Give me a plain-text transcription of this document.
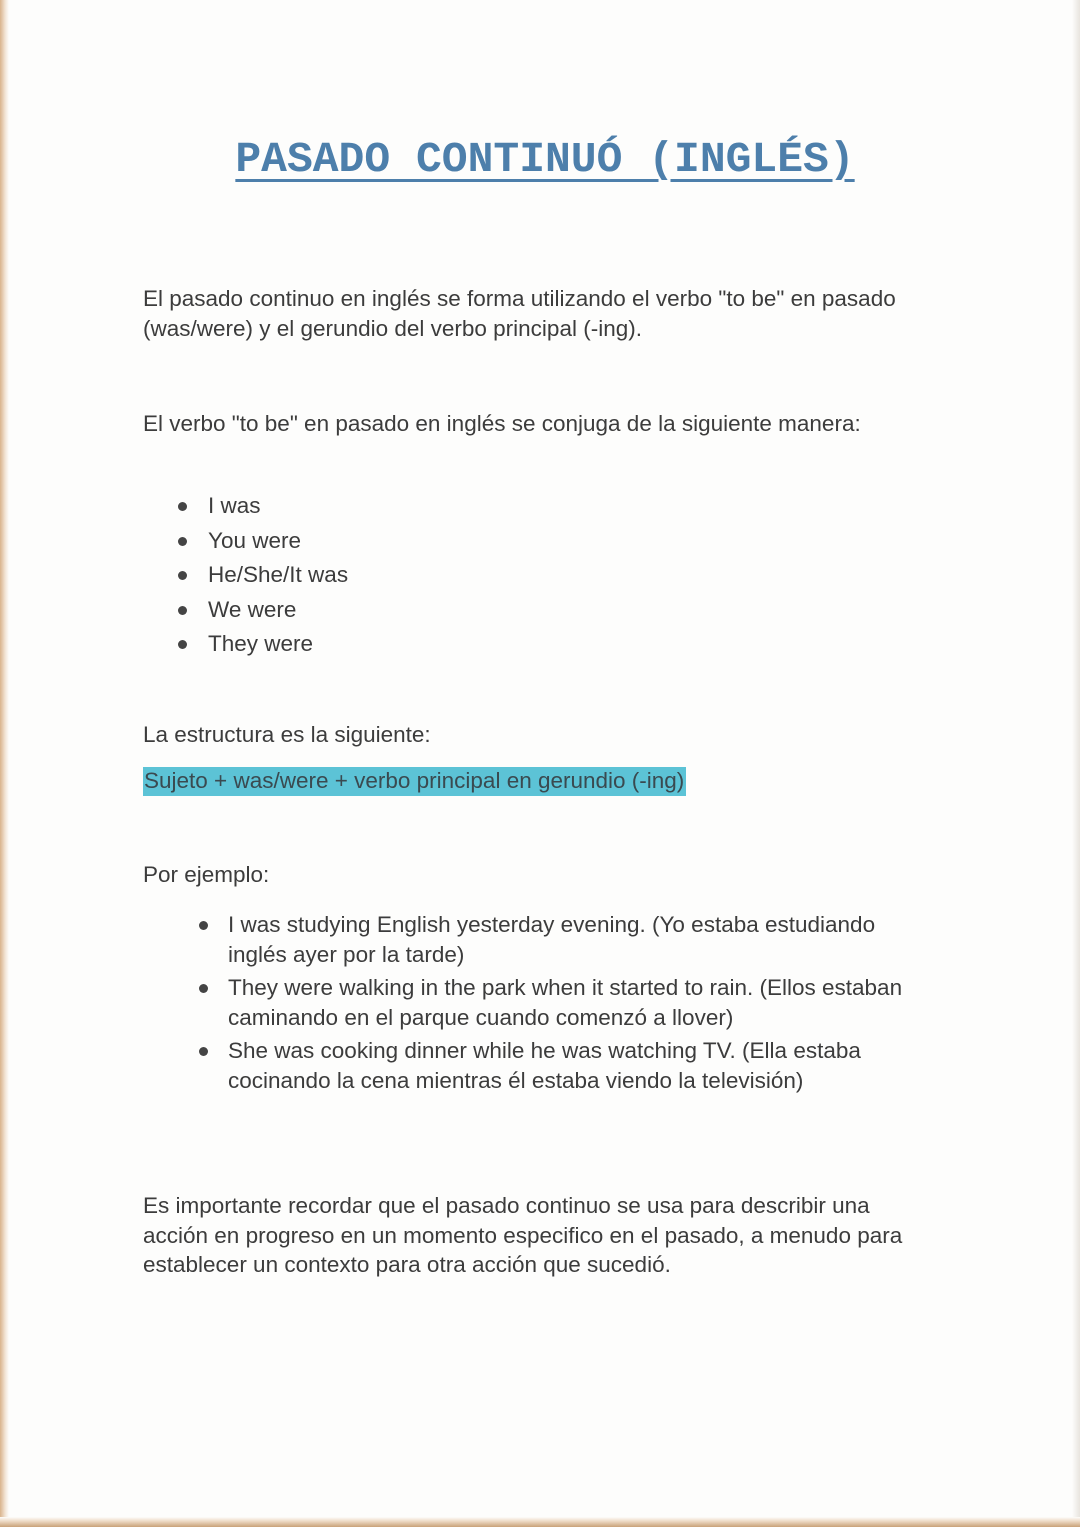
PASADO CONTINUÓ (INGLÉS)

El pasado continuo en inglés se forma utilizando el verbo "to be" en pasado (was/were) y el gerundio del verbo principal (-ing).

El verbo "to be" en pasado en inglés se conjuga de la siguiente manera:

I was
You were
He/She/It was
We were
They were

La estructura es la siguiente:

Sujeto + was/were + verbo principal en gerundio (-ing)

Por ejemplo:

I was studying English yesterday evening. (Yo estaba estudiando inglés ayer por la tarde)
They were walking in the park when it started to rain. (Ellos estaban caminando en el parque cuando comenzó a llover)
She was cooking dinner while he was watching TV. (Ella estaba cocinando la cena mientras él estaba viendo la televisión)

Es importante recordar que el pasado continuo se usa para describir una acción en progreso en un momento especifico en el pasado, a menudo para establecer un contexto para otra acción que sucedió.
